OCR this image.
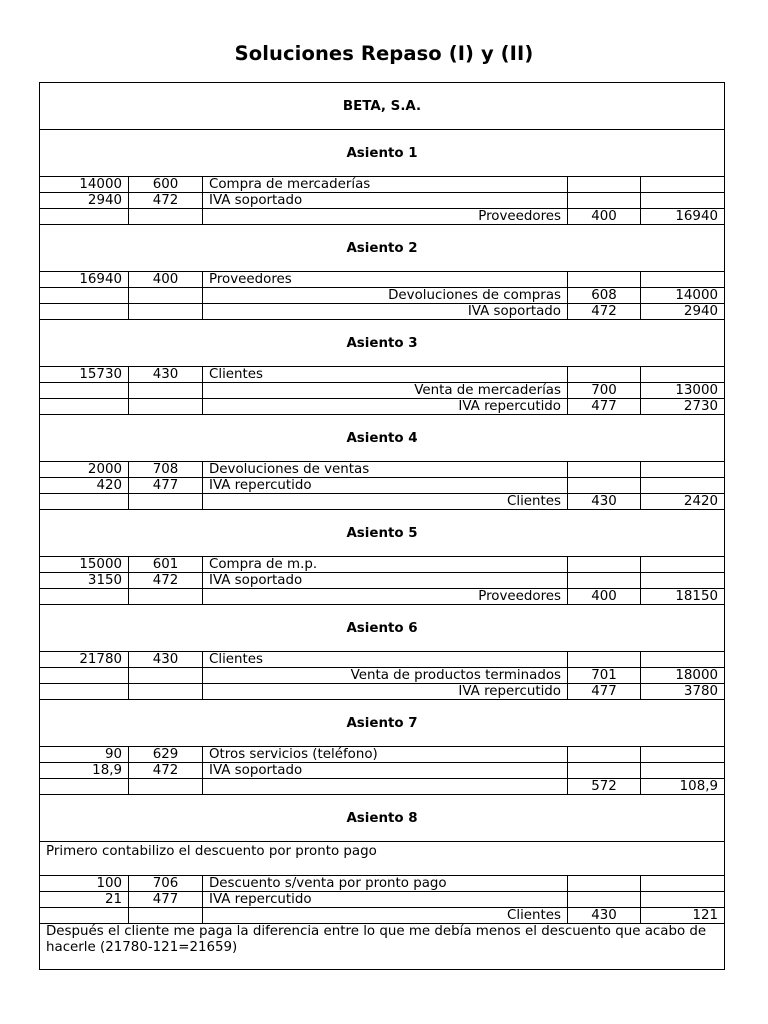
Soluciones Repaso (I) y (II)
BETA, S.A.				
Asiento 1				
14000	600	Compra de mercaderías		
2940	472	IVA soportado		
		Proveedores	400	16940
Asiento 2				
16940	400	Proveedores		
		Devoluciones de compras	608	14000
		IVA soportado	472	2940
Asiento 3				
15730	430	Clientes		
		Venta de mercaderías	700	13000
		IVA repercutido	477	2730
Asiento 4				
2000	708	Devoluciones de ventas		
420	477	IVA repercutido		
		Clientes	430	2420
Asiento 5				
15000	601	Compra de m.p.		
3150	472	IVA soportado		
		Proveedores	400	18150
Asiento 6				
21780	430	Clientes		
		Venta de productos terminados	701	18000
		IVA repercutido	477	3780
Asiento 7				
90	629	Otros servicios (teléfono)		
18,9	472	IVA soportado		
			572	108,9
Asiento 8				
Primero contabilizo el descuento por pronto pago				
100	706	Descuento s/venta por pronto pago		
21	477	IVA repercutido		
		Clientes	430	121
Después el cliente me paga la diferencia entre lo que me debía menos el descuento que acabo de hacerle (21780-121=21659)				
